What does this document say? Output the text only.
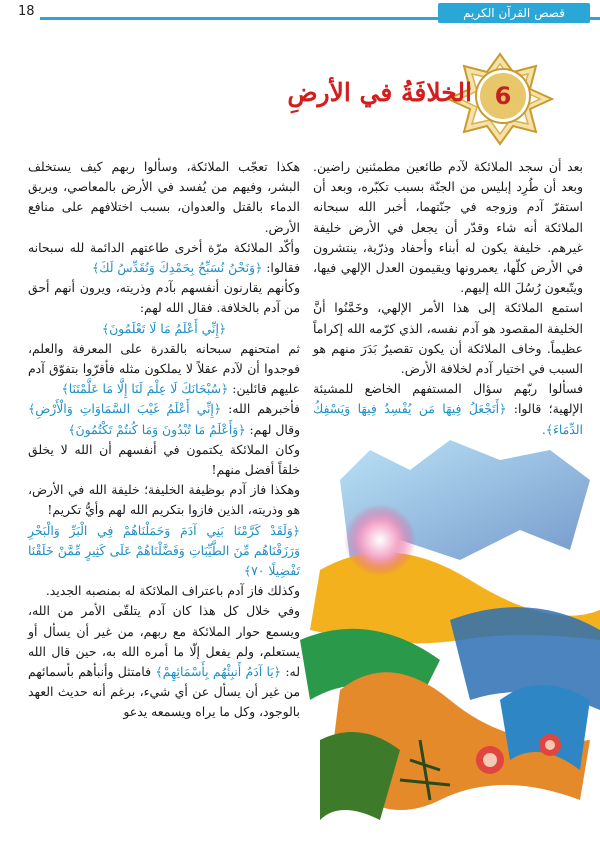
18	قصص القرآن الكريم
6
الخلافَةُ في الأرضِ

بعد أن سجد الملائكة لآدم طائعين مطمئنين راضين. وبعد أن طُرِد إبليس من الجنّة بسبب تكبّره، وبعد أن استقرّ آدم وزوجه في جنّتهما، أخبر الله سبحانه الملائكة أنه شاء وقدّر أن يجعل في الأرض خليفة غيرهم. خليفة يكون له أبناء وأحفاد وذرّية، ينتشرون في الأرض كلّها، يعمرونها ويقيمون العدل الإلهي فيها، ويتّبعون رُسُلَ الله إليهم.

استمع الملائكة إلى هذا الأمر الإلهي، وخَمَّنُوا أنَّ الخليفة المقصود هو آدم نفسه، الذي كرّمه الله إكراماً عظيماً. وخاف الملائكة أن يكون تقصيرٌ بَدَرَ منهم هو السبب في اختيار آدم لخلافة الأرض.

فسألوا ربّهم سؤال المستفهم الخاضع للمشيئة الإلهية؛ قالوا: ﴿أَتَجْعَلُ فِيهَا مَن يُفْسِدُ فِيهَا وَيَسْفِكُ الدِّمَاءَ﴾.

هكذا تعجّب الملائكة، وسألوا ربهم كيف يستخلف البشر، وفيهم من يُفسد في الأرض بالمعاصي، ويريق الدماء بالقتل والعدوان، بسبب اختلافهم على منافع الأرض.

وأكّد الملائكة مرّة أخرى طاعتهم الدائمة لله سبحانه فقالوا: ﴿وَنَحْنُ نُسَبِّحُ بِحَمْدِكَ وَنُقَدِّسُ لَكَ﴾

وكأنهم يقارنون أنفسهم بآدم وذريته، ويرون أنهم أحق من آدم بالخلافة. فقال الله لهم:

﴿إِنِّي أَعْلَمُ مَا لَا تَعْلَمُونَ﴾

ثم امتحنهم سبحانه بالقدرة على المعرفة والعلم، فوجدوا أن لآدم عقلاً لا يملكون مثله فأقرّوا بتفوّق آدم عليهم قائلين: ﴿سُبْحَانَكَ لَا عِلْمَ لَنَا إِلَّا مَا عَلَّمْتَنَا﴾

فأخبرهم الله: ﴿إِنِّي أَعْلَمُ غَيْبَ السَّمَاوَاتِ وَالْأَرْضِ﴾ وقال لهم: ﴿وَأَعْلَمُ مَا تُبْدُونَ وَمَا كُنتُمْ تَكْتُمُونَ﴾

وكان الملائكة يكتمون في أنفسهم أن الله لا يخلق خلقاً أفضل منهم!

وهكذا فاز آدم بوظيفة الخليفة؛ خليفة الله في الأرض، هو وذريته، الذين فازوا بتكريم الله لهم وأيُّ تكريم!

﴿وَلَقَدْ كَرَّمْنَا بَنِي آدَمَ وَحَمَلْنَاهُمْ فِي الْبَرِّ وَالْبَحْرِ وَرَزَقْنَاهُم مِّنَ الطَّيِّبَاتِ وَفَضَّلْنَاهُمْ عَلَى كَثِيرٍ مِّمَّنْ خَلَقْنَا تَفْضِيلًا ٧٠﴾

وكذلك فاز آدم باعتراف الملائكة له بمنصبه الجديد.

وفي خلال كل هذا كان آدم يتلقّى الأمر من الله، ويسمع حوار الملائكة مع ربهم، من غير أن يسأل أو يستعلم، ولم يفعل إلّا ما أمره الله به، حين قال الله له: ﴿يَا آدَمُ أَنبِئْهُم بِأَسْمَائِهِمْ﴾ فامتثل وأنبأهم بأسمائهم من غير أن يسأل عن أي شيء، برغم أنه حديث العهد بالوجود، وكل ما يراه ويسمعه يدعو
